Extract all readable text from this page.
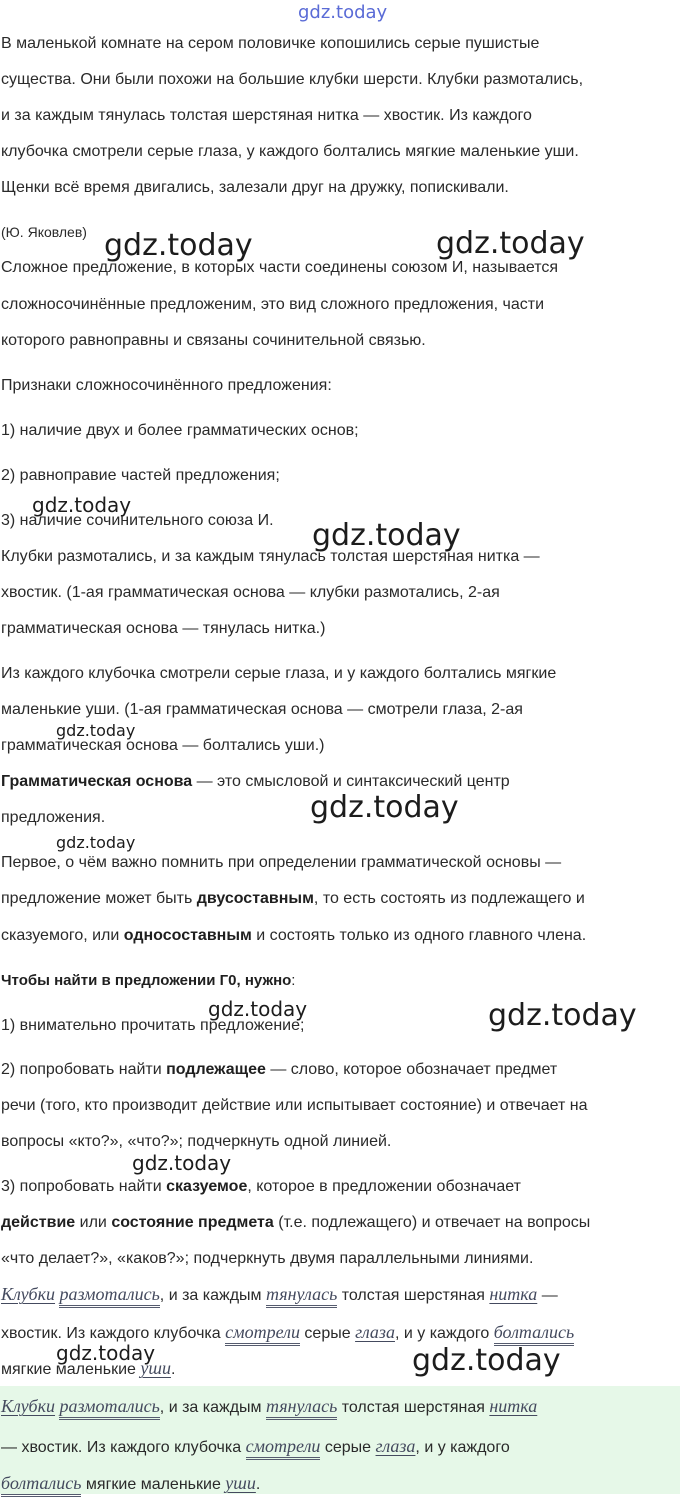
gdz.today
gdz.today	gdz.today
gdz.today
gdz.today
gdz.today
gdz.today
gdz.today
gdz.today	gdz.today
gdz.today
gdz.today	gdz.today
В маленькой комнате на сером половичке копошились серые пушистые
существа. Они были похожи на большие клубки шерсти. Клубки размотались,
и за каждым тянулась толстая шерстяная нитка — хвостик. Из каждого
клубочка смотрели серые глаза, у каждого болтались мягкие маленькие уши.
Щенки всё время двигались, залезали друг на дружку, попискивали.
(Ю. Яковлев)
Сложное предложение, в которых части соединены союзом И, называется
сложносочинённые предложеним, это вид сложного предложения, части
которого равноправны и связаны сочинительной связью.
Признаки сложносочинённого предложения:
1) наличие двух и более грамматических основ;
2) равноправие частей предложения;
3) наличие сочинительного союза И.
Клубки размотались, и за каждым тянулась толстая шерстяная нитка —
хвостик. (1-ая грамматическая основа — клубки размотались, 2-ая
грамматическая основа — тянулась нитка.)
Из каждого клубочка смотрели серые глаза, и у каждого болтались мягкие
маленькие уши. (1-ая грамматическая основа — смотрели глаза, 2-ая
грамматическая основа — болтались уши.)
Грамматическая основа — это смысловой и синтаксический центр
предложения.
Первое, о чём важно помнить при определении грамматической основы —
предложение может быть двусоставным, то есть состоять из подлежащего и
сказуемого, или односоставным и состоять только из одного главного члена.
Чтобы найти в предложении Г0, нужно:
1) внимательно прочитать предложение;
2) попробовать найти подлежащее — слово, которое обозначает предмет
речи (того, кто производит действие или испытывает состояние) и отвечает на
вопросы «кто?», «что?»; подчеркнуть одной линией.
3) попробовать найти сказуемое, которое в предложении обозначает
действие или состояние предмета (т.е. подлежащего) и отвечает на вопросы
«что делает?», «каков?»; подчеркнуть двумя параллельными линиями.
Клубки размотались, и за каждым тянулась толстая шерстяная нитка —
хвостик. Из каждого клубочка смотрели серые глаза, и у каждого болтались
мягкие маленькие уши.
Клубки размотались, и за каждым тянулась толстая шерстяная нитка
— хвостик. Из каждого клубочка смотрели серые глаза, и у каждого
болтались мягкие маленькие уши.
